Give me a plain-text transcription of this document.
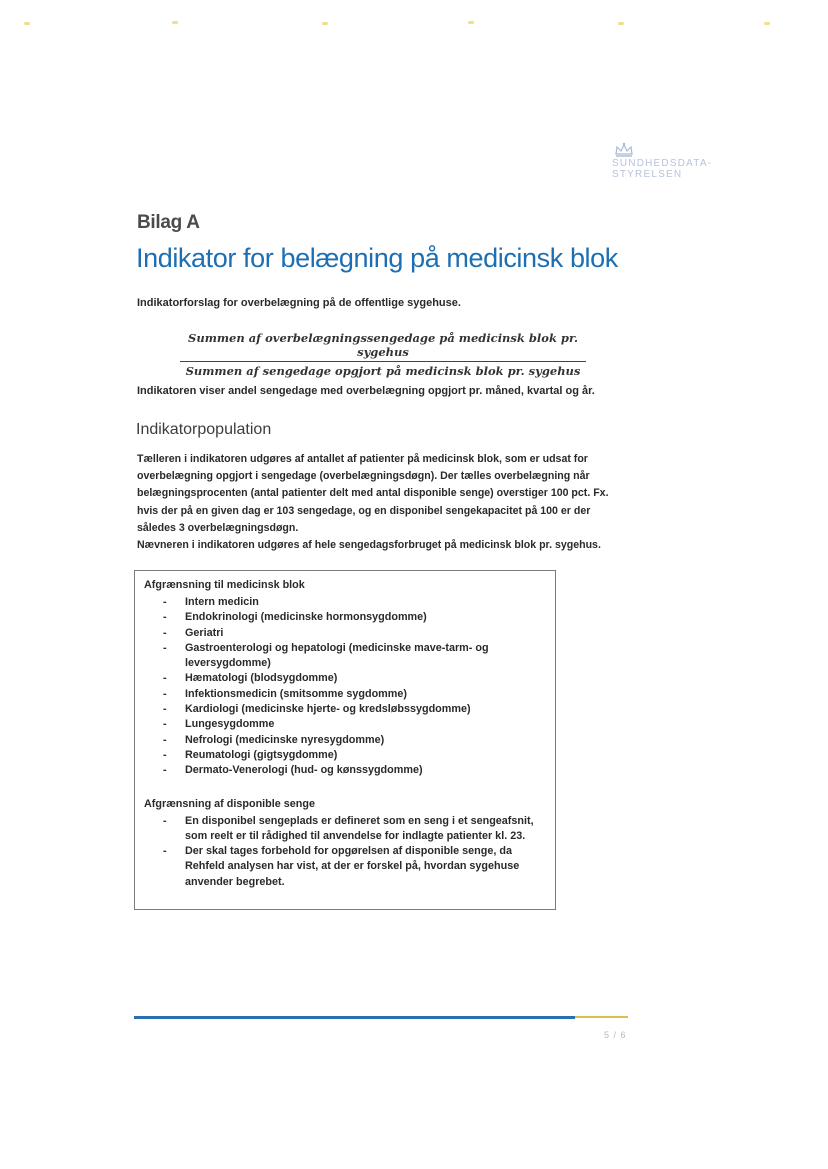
SUNDHEDSDATA-
STYRELSEN
Bilag A
Indikator for belægning på medicinsk blok
Indikatorforslag for overbelægning på de offentlige sygehuse.
Summen af overbelægningssengedage på medicinsk blok pr. sygehus
Summen af sengedage opgjort på medicinsk blok pr. sygehus
Indikatoren viser andel sengedage med overbelægning opgjort pr. måned, kvartal og år.
Indikatorpopulation

Tælleren i indikatoren udgøres af antallet af patienter på medicinsk blok, som er udsat for overbelægning opgjort i sengedage (overbelægningsdøgn). Der tælles overbelægning når belægningsprocenten (antal patienter delt med antal disponible senge) overstiger 100 pct. Fx. hvis der på en given dag er 103 sengedage, og en disponibel sengekapacitet på 100 er der således 3 overbelægningsdøgn.

Nævneren i indikatoren udgøres af hele sengedagsforbruget på medicinsk blok pr. sygehus.

Afgrænsning til medicinsk blok
- Intern medicin
- Endokrinologi (medicinske hormonsygdomme)
- Geriatri
- Gastroenterologi og hepatologi (medicinske mave-tarm- og leversygdomme)
- Hæmatologi (blodsygdomme)
- Infektionsmedicin (smitsomme sygdomme)
- Kardiologi (medicinske hjerte- og kredsløbssygdomme)
- Lungesygdomme
- Nefrologi (medicinske nyresygdomme)
- Reumatologi (gigtsygdomme)
- Dermato-Venerologi (hud- og kønssygdomme)
Afgrænsning af disponible senge
- En disponibel sengeplads er defineret som en seng i et sengeafsnit, som reelt er til rådighed til anvendelse for indlagte patienter kl. 23.
- Der skal tages forbehold for opgørelsen af disponible senge, da Rehfeld analysen har vist, at der er forskel på, hvordan sygehuse anvender begrebet.
5 / 6
